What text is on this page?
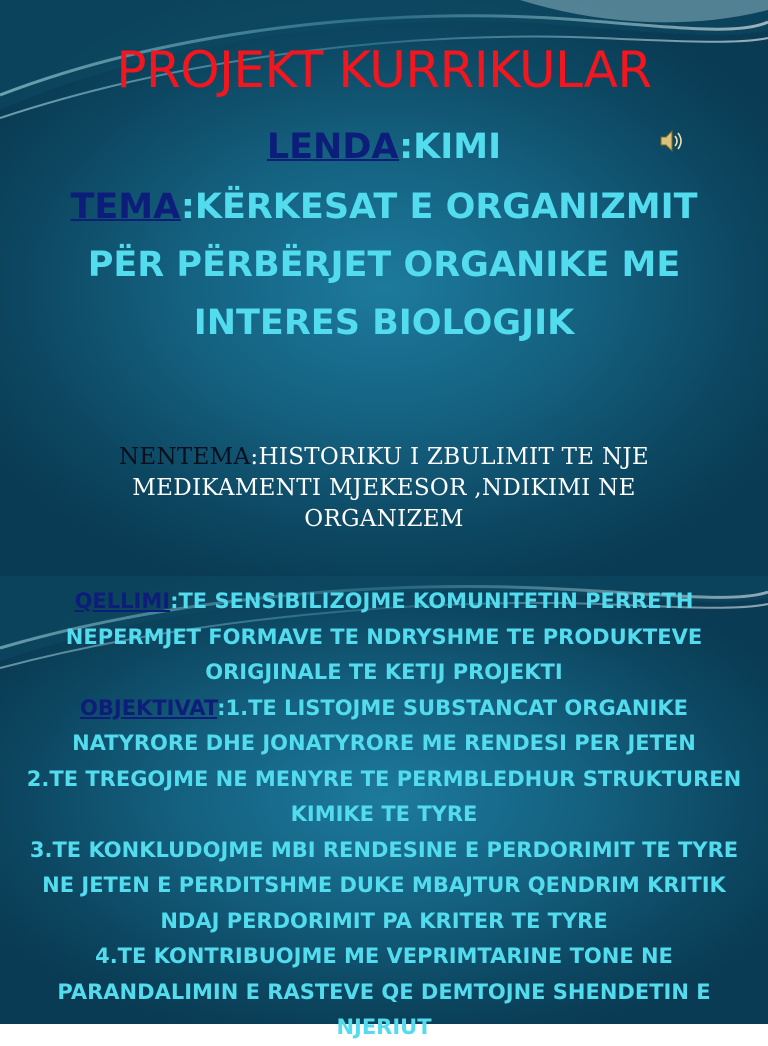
PROJEKT KURRIKULAR
LENDA:KIMI
TEMA:KËRKESAT E ORGANIZMIT
PËR PËRBËRJET ORGANIKE ME
INTERES BIOLOGJIK
NENTEMA:HISTORIKU I ZBULIMIT TE NJE
MEDIKAMENTI MJEKESOR ,NDIKIMI NE
ORGANIZEM

QELLIMI:TE SENSIBILIZOJME KOMUNITETIN PERRETH

NEPERMJET FORMAVE TE NDRYSHME TE PRODUKTEVE

ORIGJINALE TE KETIJ PROJEKTI

OBJEKTIVAT:1.TE LISTOJME SUBSTANCAT ORGANIKE

NATYRORE DHE JONATYRORE ME RENDESI PER JETEN

2.TE TREGOJME NE MENYRE TE PERMBLEDHUR STRUKTUREN

KIMIKE TE TYRE

3.TE KONKLUDOJME MBI RENDESINE E PERDORIMIT TE TYRE

NE JETEN E PERDITSHME DUKE MBAJTUR QENDRIM KRITIK

NDAJ PERDORIMIT PA KRITER TE TYRE

4.TE KONTRIBUOJME ME VEPRIMTARINE TONE NE

PARANDALIMIN E RASTEVE QE DEMTOJNE SHENDETIN E

NJERIUT
